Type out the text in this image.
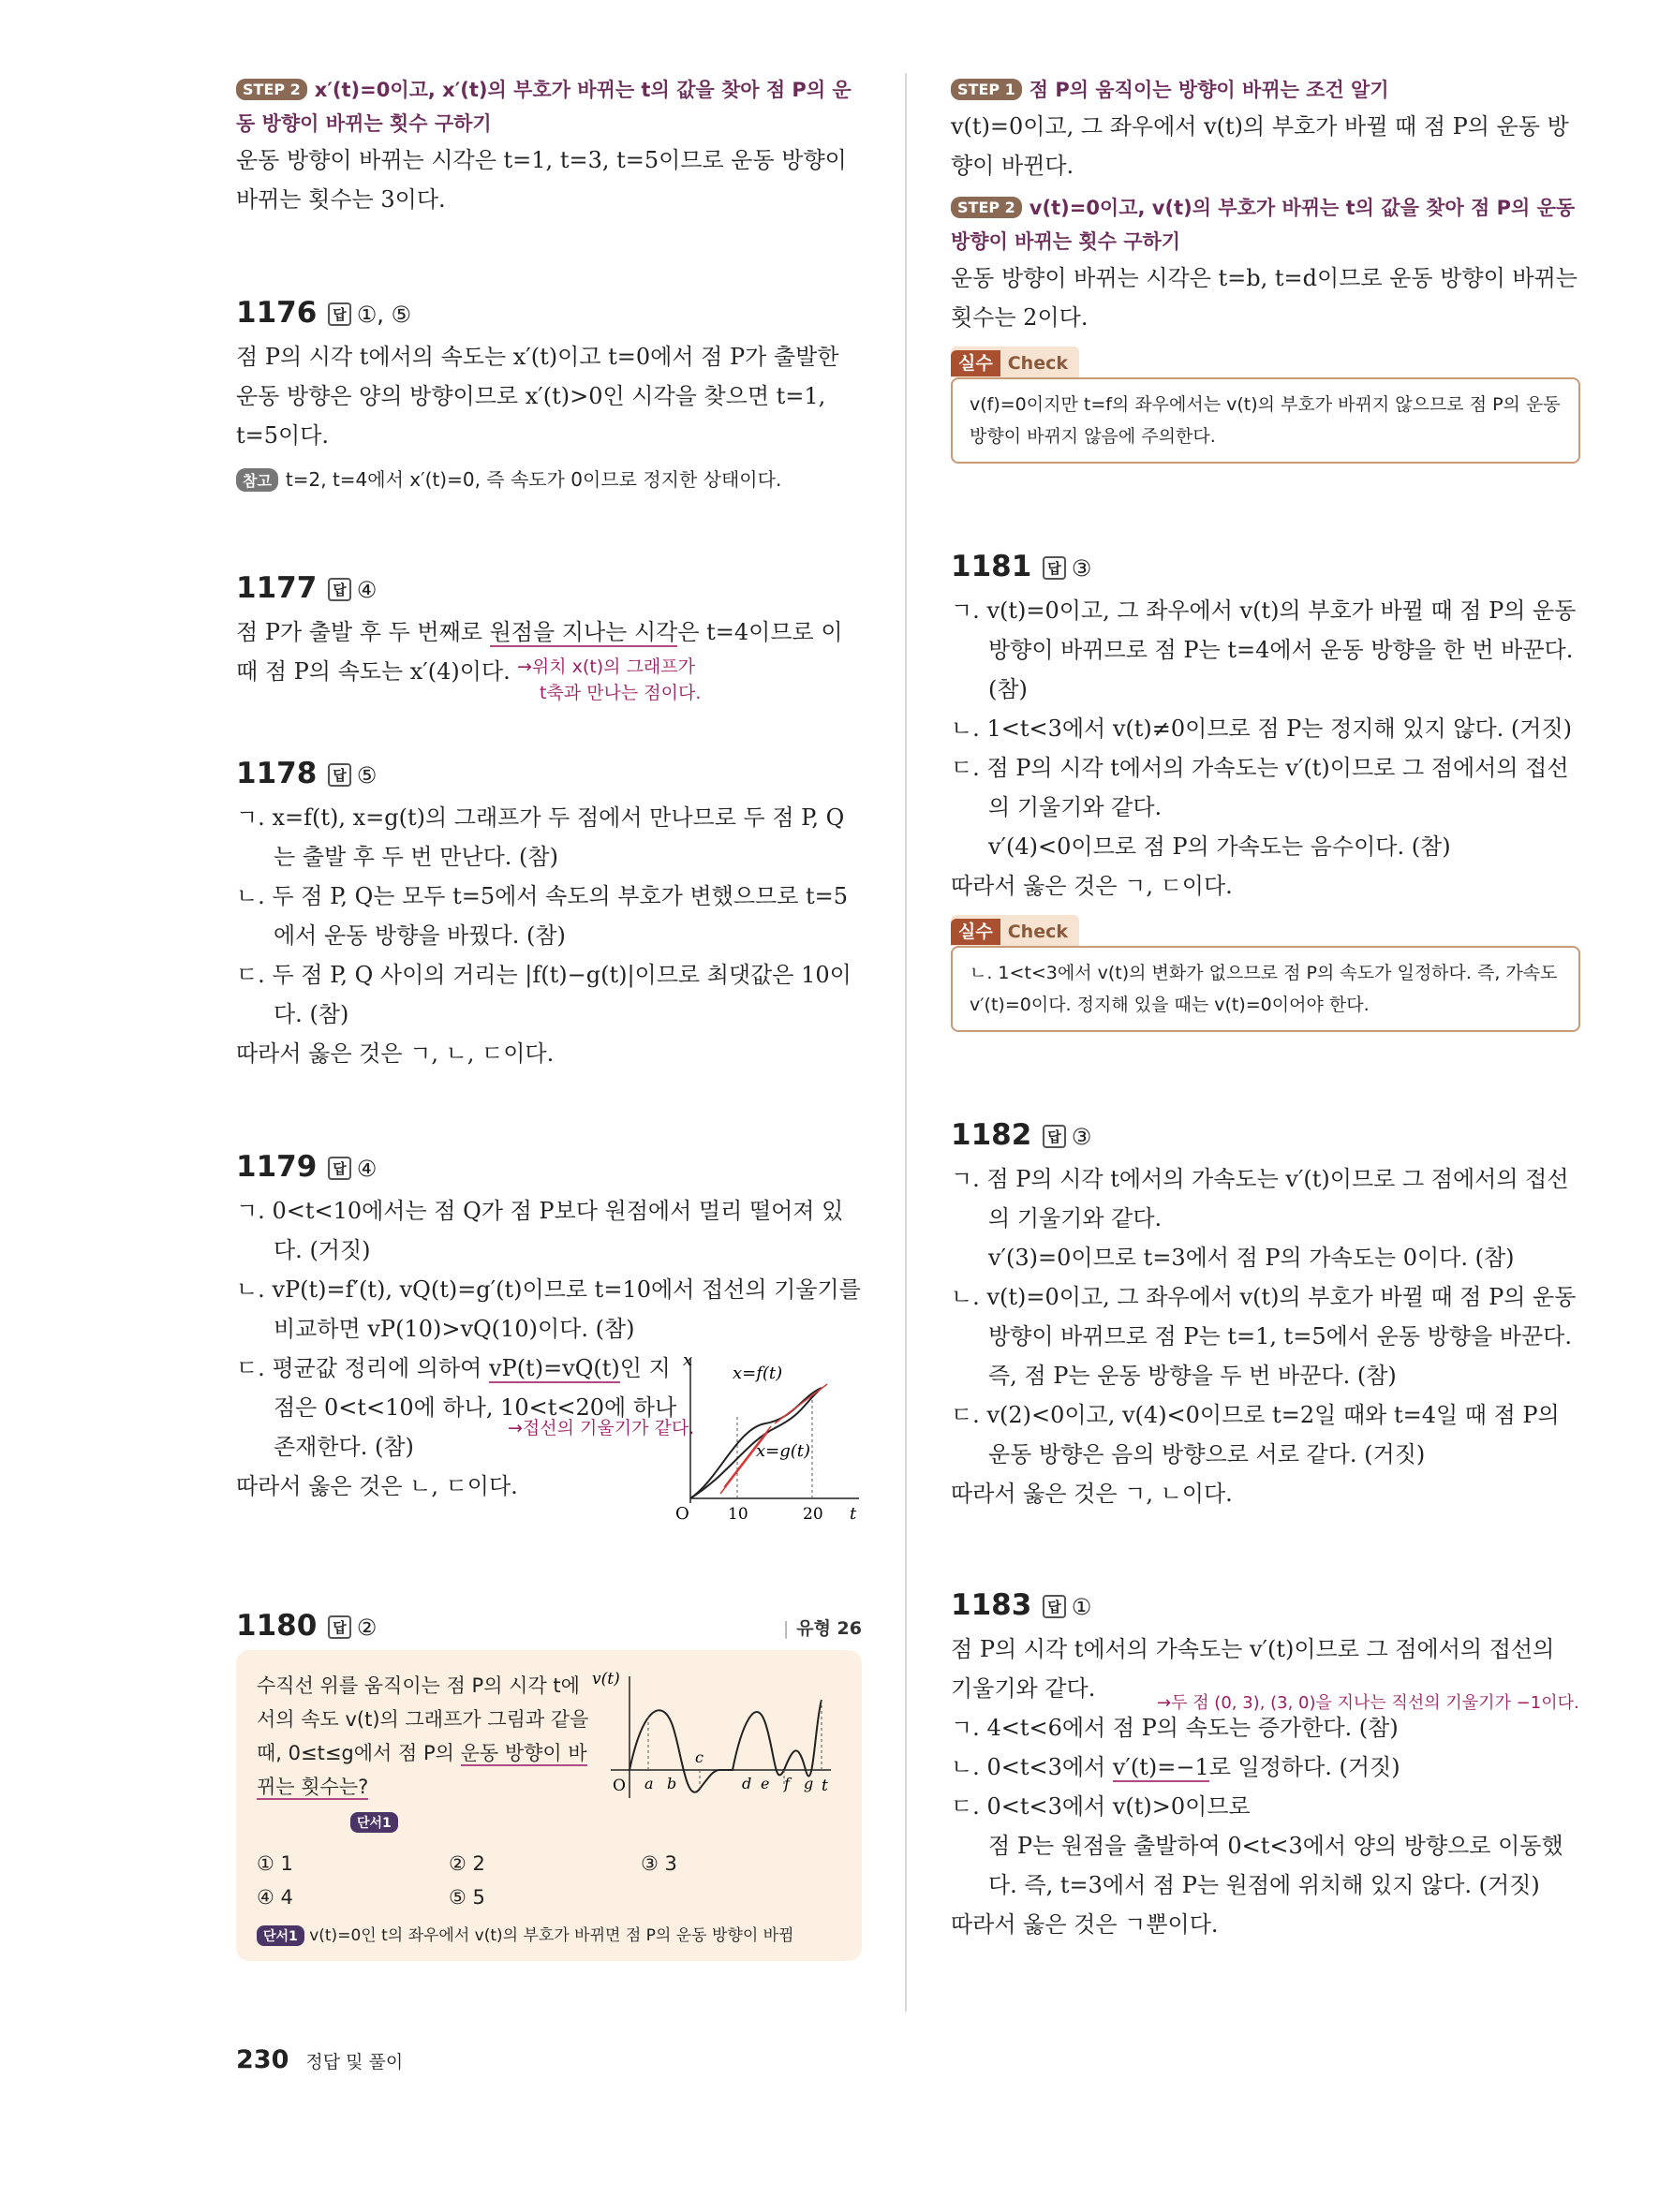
STEP 2 x′(t)=0이고, x′(t)의 부호가 바뀌는 t의 값을 찾아 점 P의 운동 방향이 바뀌는 횟수 구하기

운동 방향이 바뀌는 시각은 t=1, t=3, t=5이므로 운동 방향이 바뀌는 횟수는 3이다.

1176 답 ①, ⑤

점 P의 시각 t에서의 속도는 x′(t)이고 t=0에서 점 P가 출발한 운동 방향은 양의 방향이므로 x′(t)>0인 시각을 찾으면 t=1, t=5이다.

참고 t=2, t=4에서 x′(t)=0, 즉 속도가 0이므로 정지한 상태이다.

1177 답 ④

점 P가 출발 후 두 번째로 원점을 지나는 시각은 t=4이므로 이때 점 P의 속도는 x′(4)이다. →위치 x(t)의 그래프가
t축과 만나는 점이다.

1178 답 ⑤

ㄱ. x=f(t), x=g(t)의 그래프가 두 점에서 만나므로 두 점 P, Q는 출발 후 두 번 만난다. (참)

ㄴ. 두 점 P, Q는 모두 t=5에서 속도의 부호가 변했으므로 t=5에서 운동 방향을 바꿨다. (참)

ㄷ. 두 점 P, Q 사이의 거리는 |f(t)−g(t)|이므로 최댓값은 10이다. (참)

따라서 옳은 것은 ㄱ, ㄴ, ㄷ이다.

1179 답 ④

ㄱ. 0<t<10에서는 점 Q가 점 P보다 원점에서 멀리 떨어져 있다. (거짓)

ㄴ. vP(t)=f′(t), vQ(t)=g′(t)이므로 t=10에서 접선의 기울기를 비교하면 vP(10)>vQ(10)이다. (참)

ㄷ. 평균값 정리에 의하여 vP(t)=vQ(t)인 지점은 0<t<10에 하나, 10<t<20에 하나 존재한다. (참)

→접선의 기울기가 같다.
x
t
O 10	20
x=f(t)
x=g(t)

따라서 옳은 것은 ㄴ, ㄷ이다.

1180 답 ②

|	유형 26
수직선 위를 움직이는 점 P의 시각 t에서의 속도 v(t)의 그래프가 그림과 같을 때, 0≤t≤g에서 점 P의 운동 방향이 바뀌는 횟수는?
단서1
v(t)
t
O a b
c
d e f g
① 1	② 2	③ 3
④ 4	⑤ 5
단서1 v(t)=0인 t의 좌우에서 v(t)의 부호가 바뀌면 점 P의 운동 방향이 바뀜

STEP 1 점 P의 움직이는 방향이 바뀌는 조건 알기

v(t)=0이고, 그 좌우에서 v(t)의 부호가 바뀔 때 점 P의 운동 방향이 바뀐다.

STEP 2 v(t)=0이고, v(t)의 부호가 바뀌는 t의 값을 찾아 점 P의 운동 방향이 바뀌는 횟수 구하기

운동 방향이 바뀌는 시각은 t=b, t=d이므로 운동 방향이 바뀌는 횟수는 2이다.

실수 Check
v(f)=0이지만 t=f의 좌우에서는 v(t)의 부호가 바뀌지 않으므로 점 P의 운동 방향이 바뀌지 않음에 주의한다.

1181 답 ③

ㄱ. v(t)=0이고, 그 좌우에서 v(t)의 부호가 바뀔 때 점 P의 운동 방향이 바뀌므로 점 P는 t=4에서 운동 방향을 한 번 바꾼다. (참)

ㄴ. 1<t<3에서 v(t)≠0이므로 점 P는 정지해 있지 않다. (거짓)

ㄷ. 점 P의 시각 t에서의 가속도는 v′(t)이므로 그 점에서의 접선의 기울기와 같다.

v′(4)<0이므로 점 P의 가속도는 음수이다. (참)

따라서 옳은 것은 ㄱ, ㄷ이다.

실수 Check
ㄴ. 1<t<3에서 v(t)의 변화가 없으므로 점 P의 속도가 일정하다. 즉, 가속도 v′(t)=0이다. 정지해 있을 때는 v(t)=0이어야 한다.

1182 답 ③

ㄱ. 점 P의 시각 t에서의 가속도는 v′(t)이므로 그 점에서의 접선의 기울기와 같다.

v′(3)=0이므로 t=3에서 점 P의 가속도는 0이다. (참)

ㄴ. v(t)=0이고, 그 좌우에서 v(t)의 부호가 바뀔 때 점 P의 운동 방향이 바뀌므로 점 P는 t=1, t=5에서 운동 방향을 바꾼다. 즉, 점 P는 운동 방향을 두 번 바꾼다. (참)

ㄷ. v(2)<0이고, v(4)<0이므로 t=2일 때와 t=4일 때 점 P의 운동 방향은 음의 방향으로 서로 같다. (거짓)

따라서 옳은 것은 ㄱ, ㄴ이다.

1183 답 ①

점 P의 시각 t에서의 가속도는 v′(t)이므로 그 점에서의 접선의 기울기와 같다.

→두 점 (0, 3), (3, 0)을 지나는 직선의 기울기가 −1이다.

ㄱ. 4<t<6에서 점 P의 속도는 증가한다. (참)

ㄴ. 0<t<3에서 v′(t)=−1로 일정하다. (거짓)

ㄷ. 0<t<3에서 v(t)>0이므로

점 P는 원점을 출발하여 0<t<3에서 양의 방향으로 이동했다. 즉, t=3에서 점 P는 원점에 위치해 있지 않다. (거짓)

따라서 옳은 것은 ㄱ뿐이다.

230 정답 및 풀이
